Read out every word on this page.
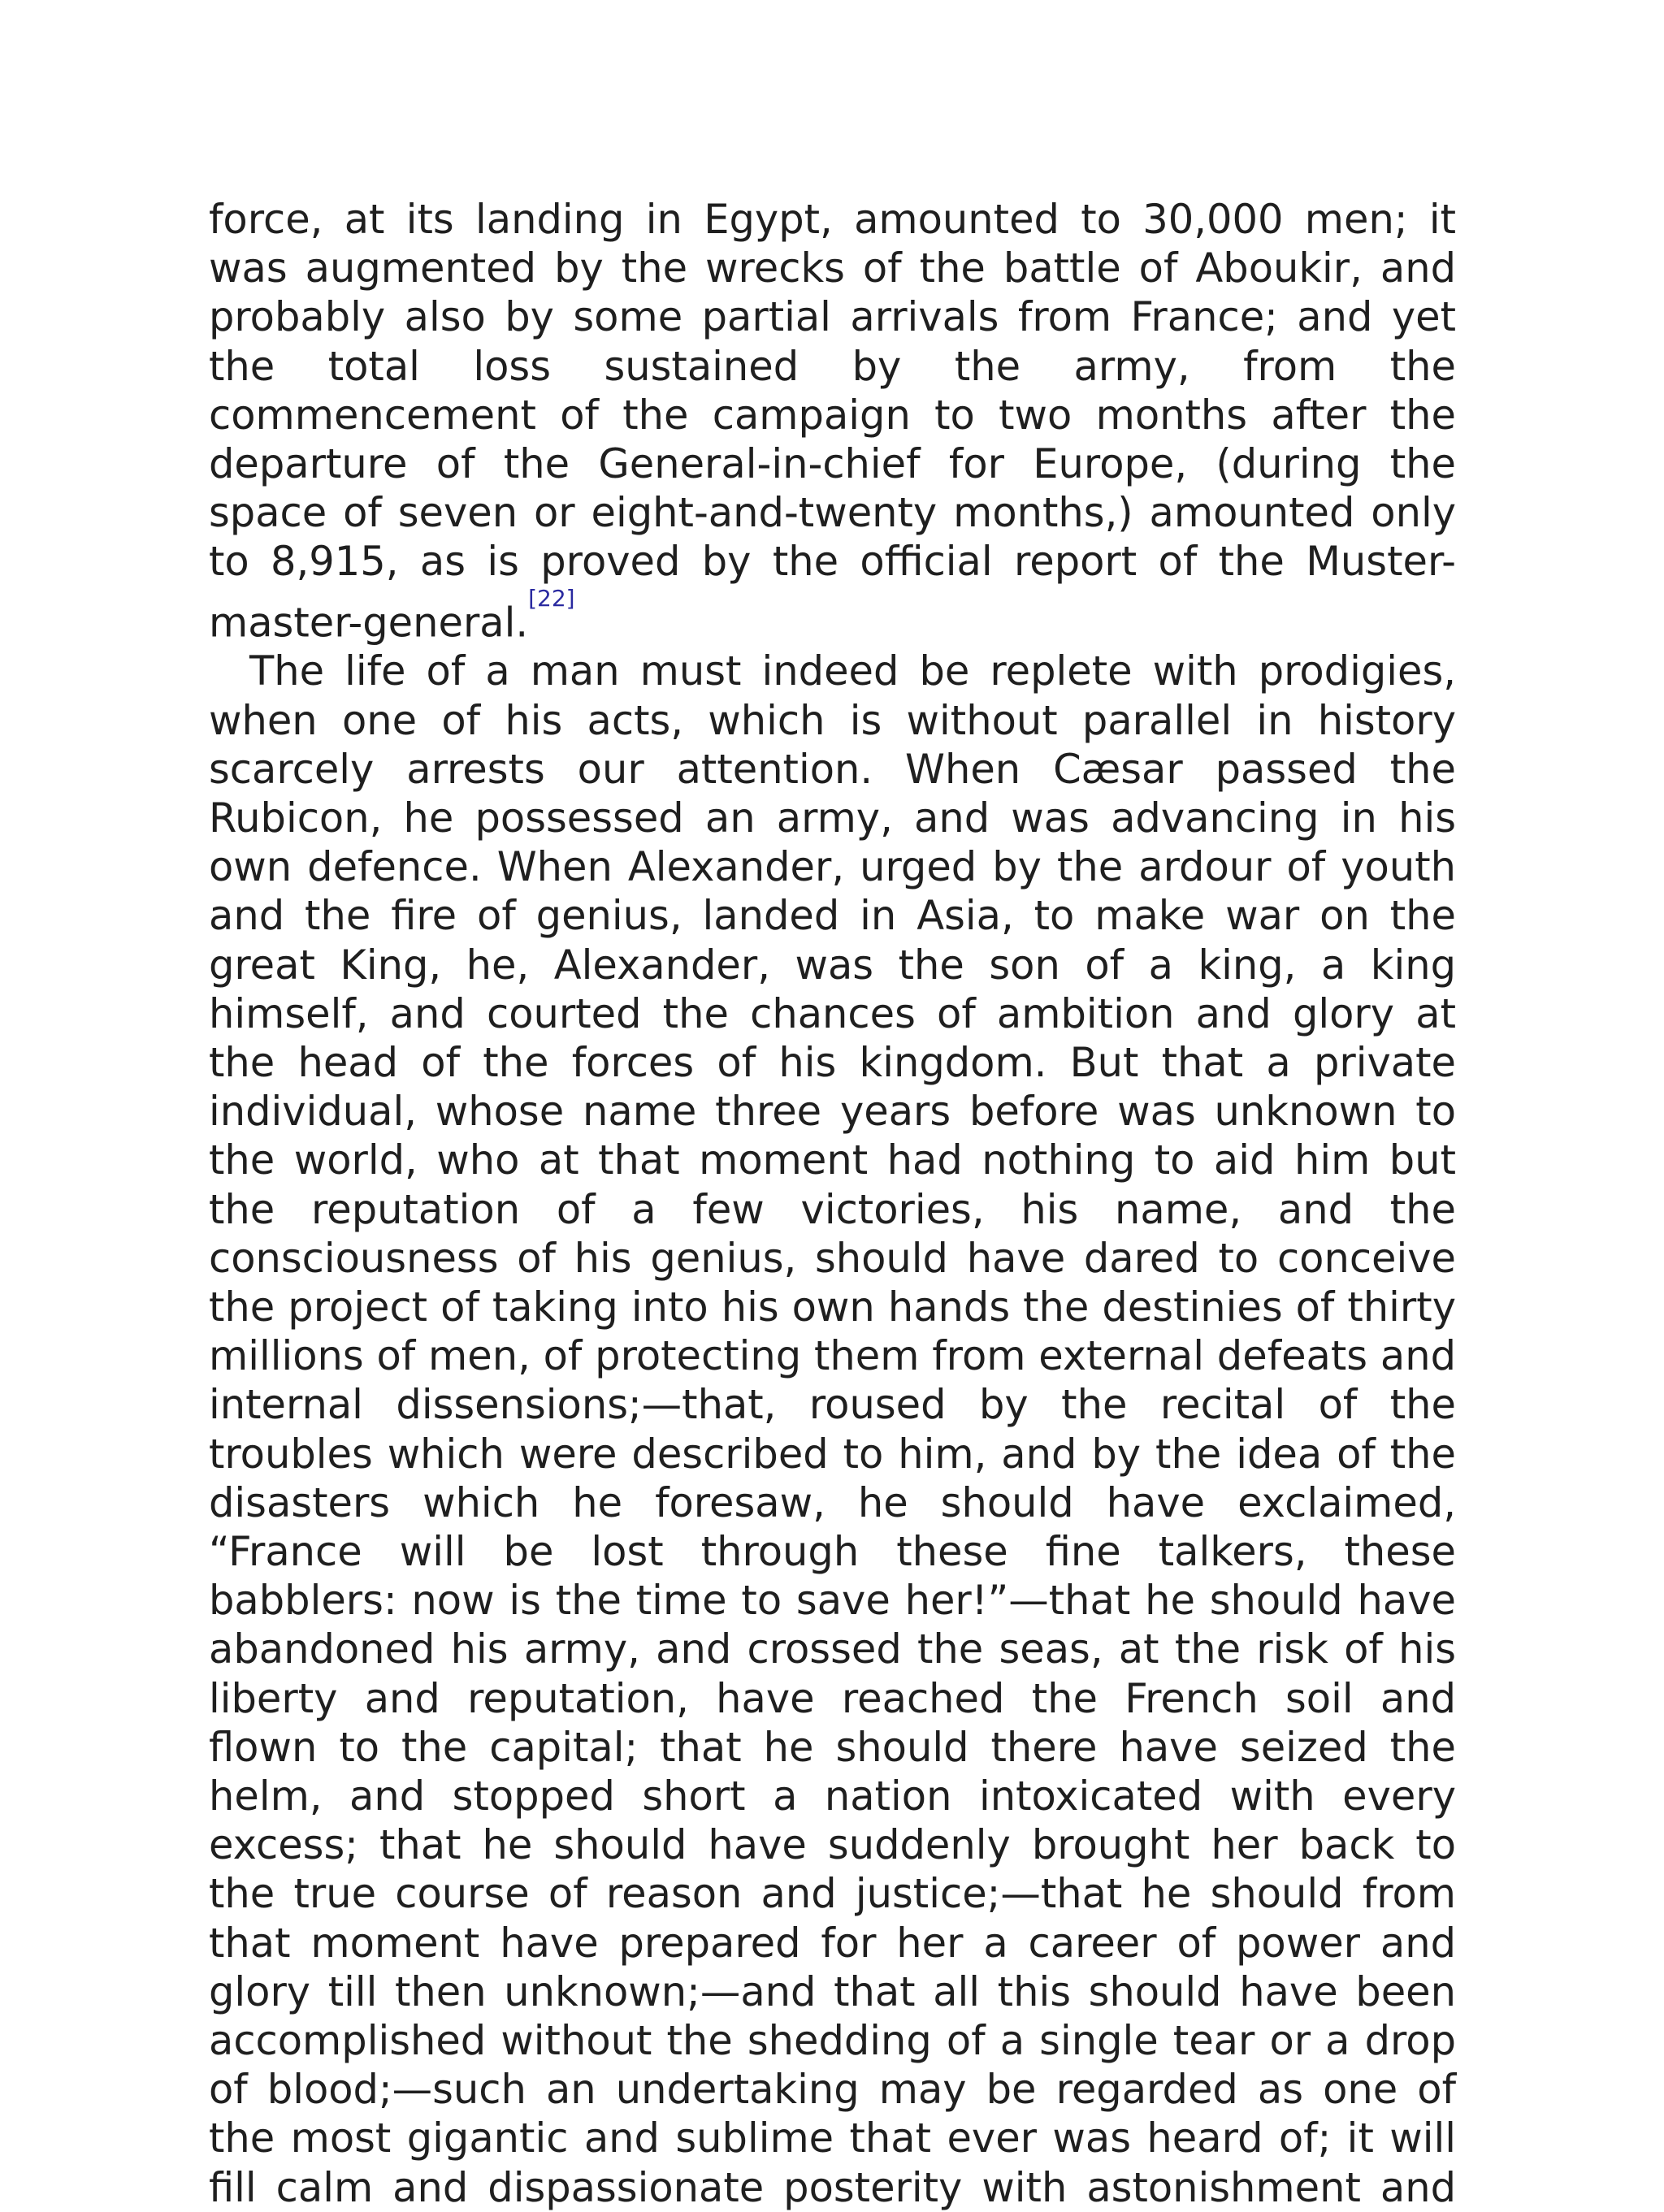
force, at its landing in Egypt, amounted to 30,000 men; it was augmented by the wrecks of the battle of Aboukir, and probably also by some partial arrivals from France; and yet the total loss sustained by the army, from the commencement of the campaign to two months after the departure of the General-in-chief for Europe, (during the space of seven or eight-and-twenty months,) amounted only to 8,915, as is proved by the official report of the Muster-master-general.[22]

The life of a man must indeed be replete with prodigies, when one of his acts, which is without parallel in history scarcely arrests our attention. When Cæsar passed the Rubicon, he possessed an army, and was advancing in his own defence. When Alexander, urged by the ardour of youth and the fire of genius, landed in Asia, to make war on the great King, he, Alexander, was the son of a king, a king himself, and courted the chances of ambition and glory at the head of the forces of his kingdom. But that a private individual, whose name three years before was unknown to the world, who at that moment had nothing to aid him but the reputation of a few victories, his name, and the consciousness of his genius, should have dared to conceive the project of taking into his own hands the destinies of thirty millions of men, of protecting them from external defeats and internal dissensions;—that, roused by the recital of the troubles which were described to him, and by the idea of the disasters which he foresaw, he should have exclaimed, “France will be lost through these fine talkers, these babblers: now is the time to save her!”—that he should have abandoned his army, and crossed the seas, at the risk of his liberty and reputation, have reached the French soil and flown to the capital; that he should there have seized the helm, and stopped short a nation intoxicated with every excess; that he should have suddenly brought her back to the true course of reason and justice;—that he should from that moment have prepared for her a career of power and glory till then unknown;—and that all this should have been accomplished without the shedding of a single tear or a drop of blood;—such an undertaking may be regarded as one of the most gigantic and sublime that ever was heard of; it will fill calm and dispassionate posterity with astonishment and
